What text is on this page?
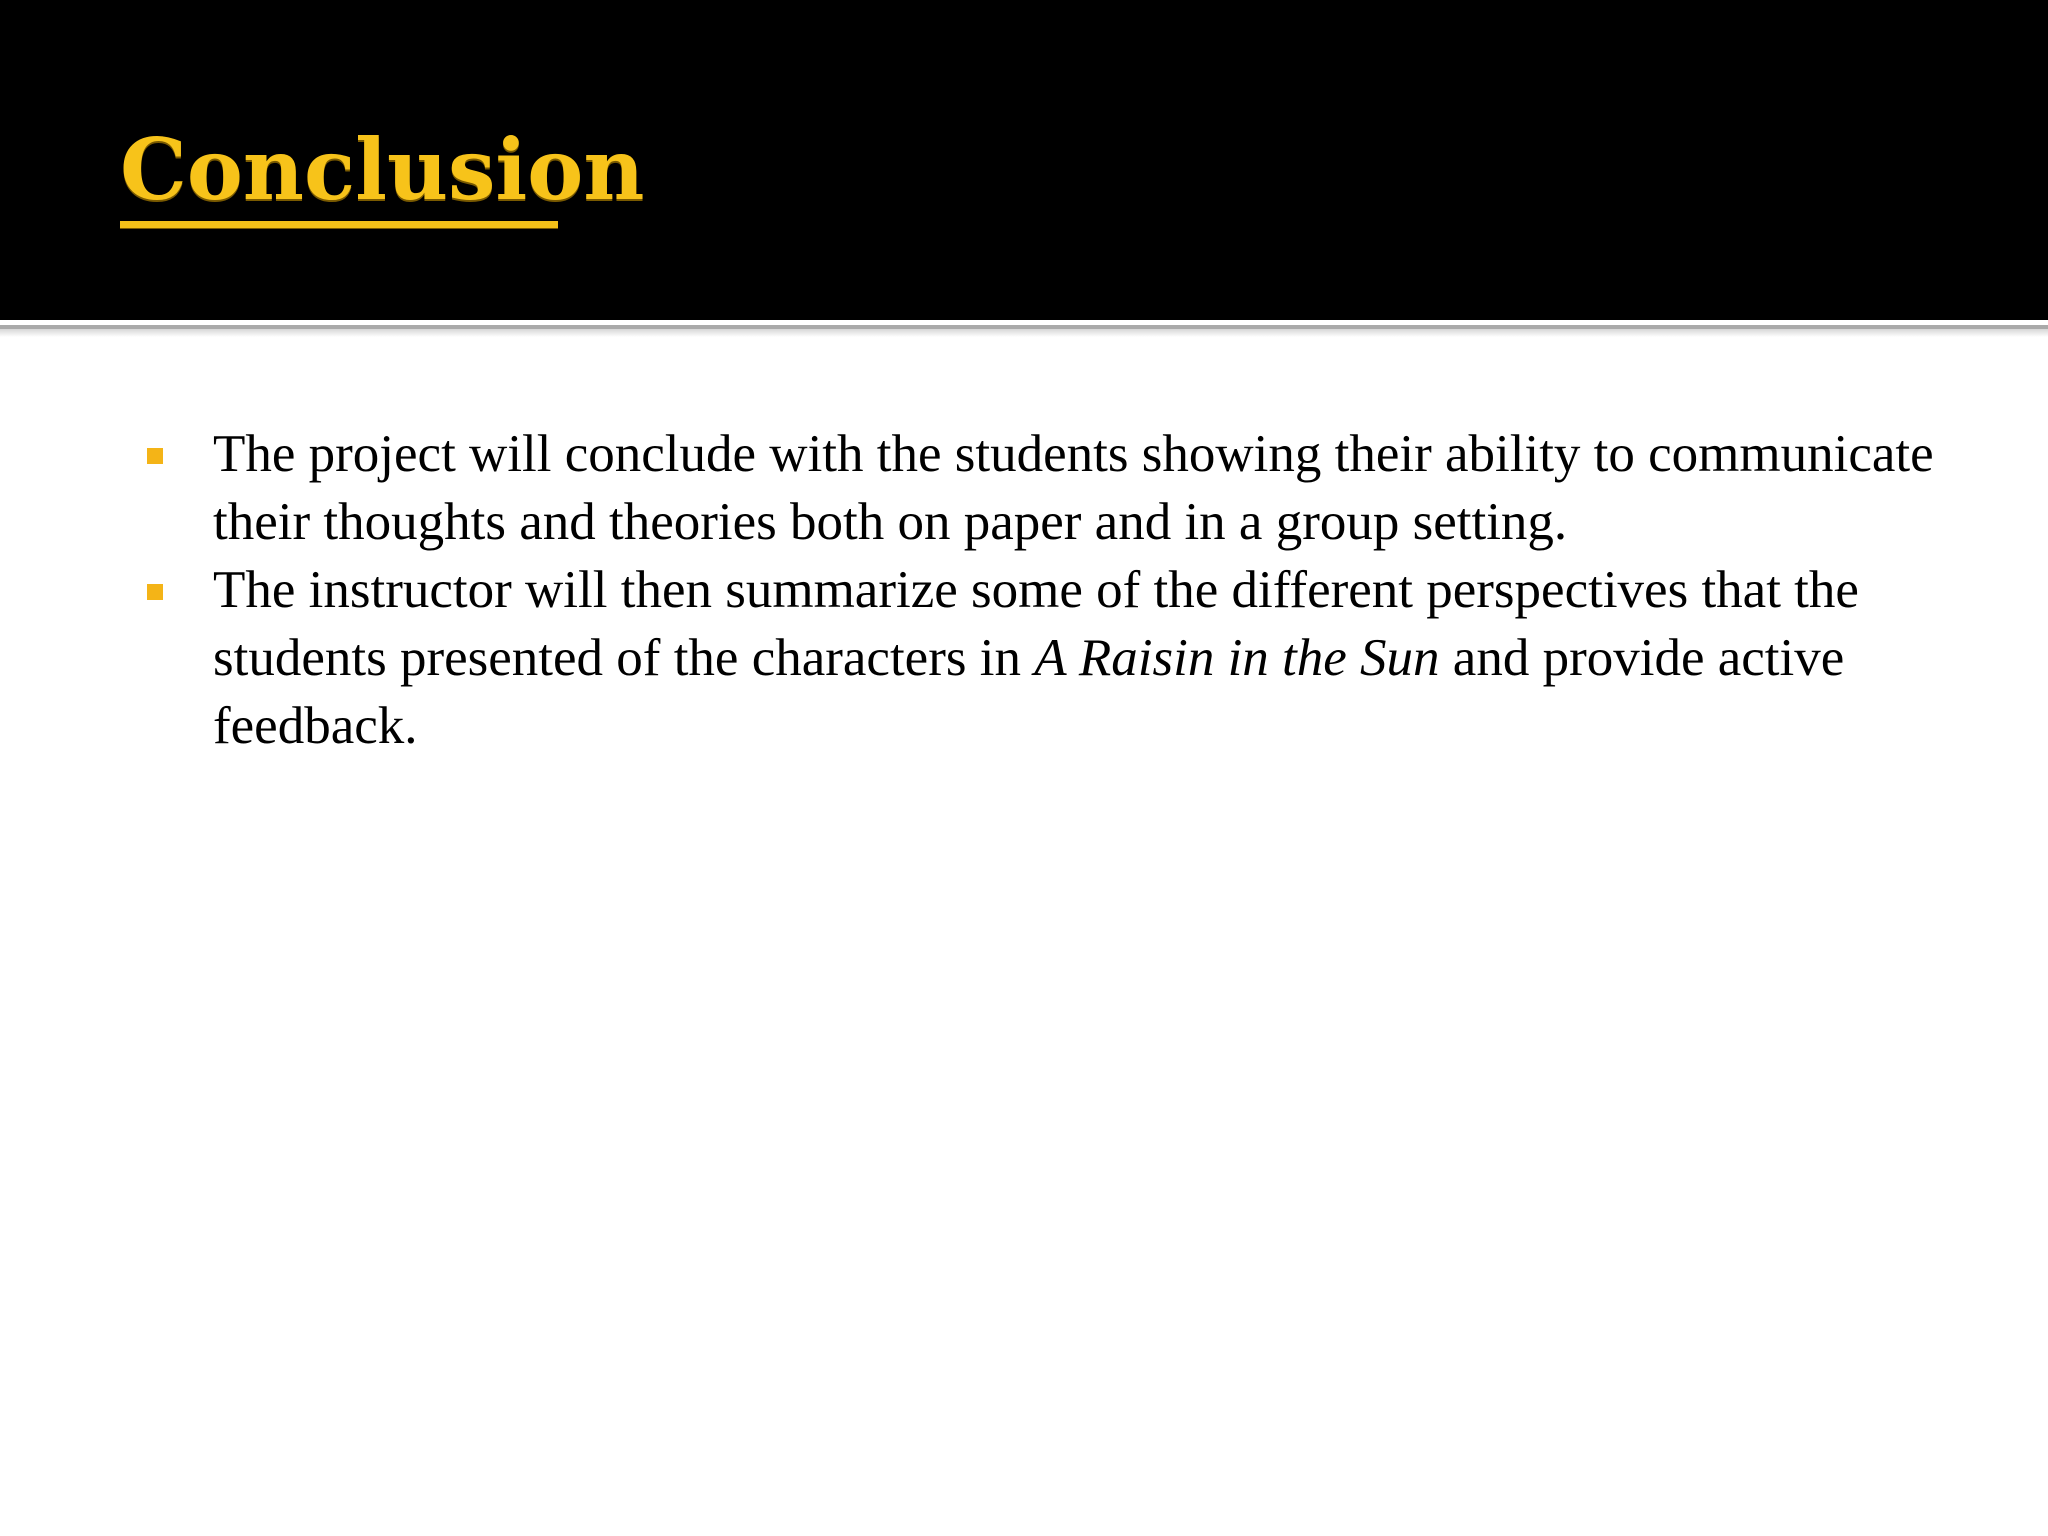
Conclusion

The project will conclude with the students showing their ability to communicate their thoughts and theories both on paper and in a group setting.

The instructor will then summarize some of the different perspectives that the students presented of the characters in A Raisin in the Sun and provide active feedback.
